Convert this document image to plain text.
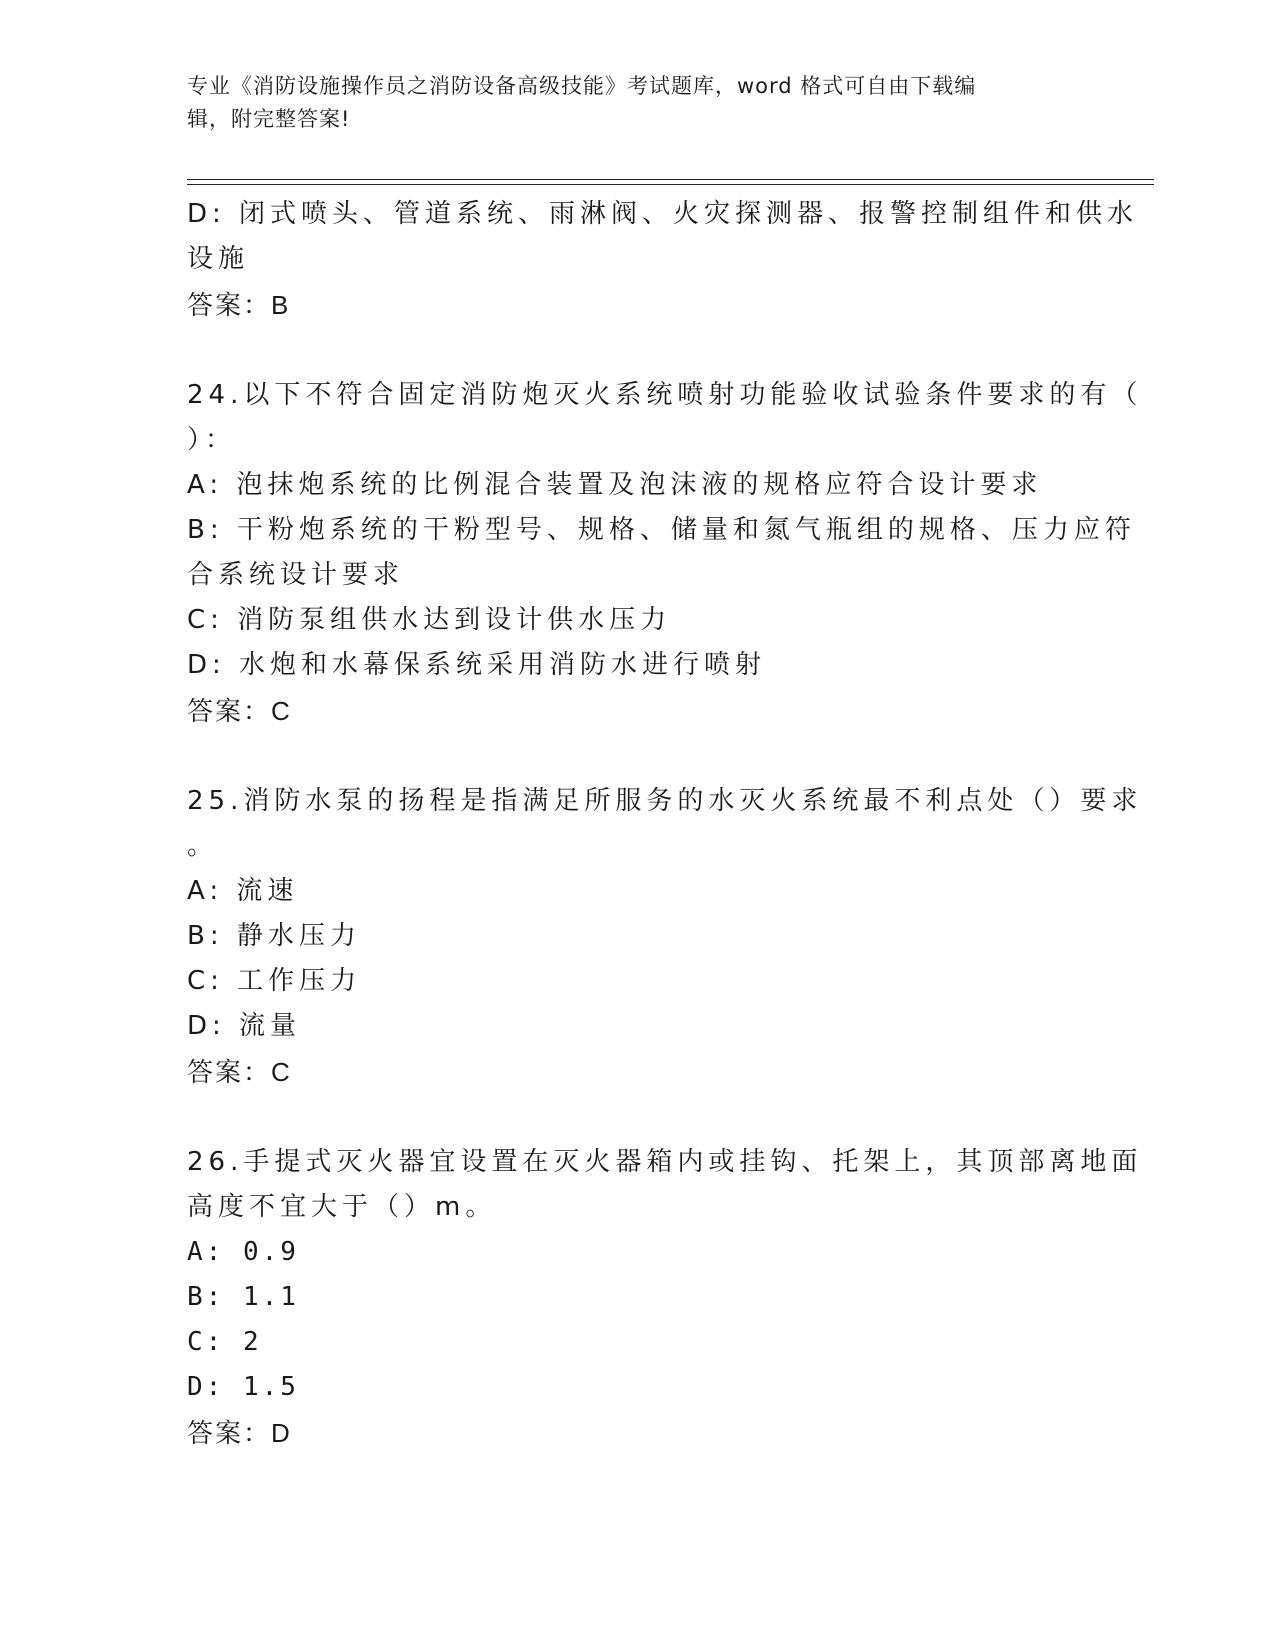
专业《消防设施操作员之消防设备高级技能》考试题库，word 格式可自由下载编
辑，附完整答案!
D: 闭式喷头、管道系统、雨淋阀、火灾探测器、报警控制组件和供水
设施
答案：B
24.以下不符合固定消防炮灭火系统喷射功能验收试验条件要求的有（
）：
A: 泡抹炮系统的比例混合装置及泡沫液的规格应符合设计要求
B: 干粉炮系统的干粉型号、规格、储量和氮气瓶组的规格、压力应符
合系统设计要求
C: 消防泵组供水达到设计供水压力
D: 水炮和水幕保系统采用消防水进行喷射
答案：C
25.消防水泵的扬程是指满足所服务的水灭火系统最不利点处（）要求
。
A: 流速
B: 静水压力
C: 工作压力
D: 流量
答案：C
26.手提式灭火器宜设置在灭火器箱内或挂钩、托架上，其顶部离地面
高度不宜大于（）m。
A: 0.9
B: 1.1
C: 2
D: 1.5
答案：D
